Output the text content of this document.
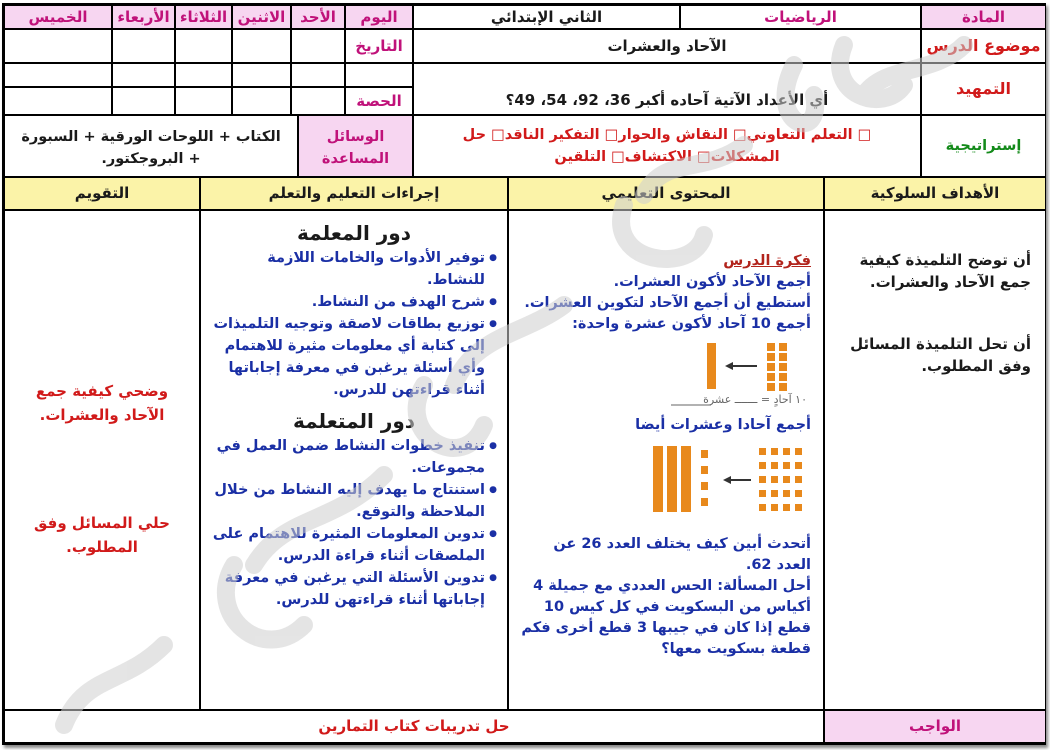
المادة
الرياضيات
الثاني الإبتدائي
اليوم
الأحد
الاثنين
الثلاثاء
الأربعاء
الخميس
موضوع الدرس
الآحاد والعشرات
التاريخ
التمهيد
أي الأعداد الآتية آحاده أكبر 36، 92، 54، 49؟
الحصة
إستراتيجية
□ التعلم التعاوني□ النقاش والحوار□ التفكير الناقد□ حل المشكلات□ الاكتشاف□ التلقين
الوسائل المساعدة
الكتاب + اللوحات الورقية + السبورة + البروجكتور.
الأهداف السلوكية
المحتوى التعليمي
إجراءات التعليم والتعلم
التقويم
أن توضح التلميذة كيفية جمع الآحاد والعشرات.
أن تحل التلميذة المسائل وفق المطلوب.

فكرة الدرس

أجمع الآحاد لأكون العشرات.

أستطيع أن أجمع الآحاد لتكوين العشرات.

أجمع 10 آحاد لأكون عشرة واحدة:

١٠ آحادٍ = ـــــــ عشرة

أجمع آحادا وعشرات أيضا

أتحدث أبين كيف يختلف العدد 26 عن العدد 62.

أحل المسألة: الحس العددي مع جميلة 4 أكياس من البسكويت في كل كيس 10 قطع إذا كان في جيبها 3 قطع أخرى فكم قطعة بسكويت معها؟

دور المعلمة
● توفير الأدوات والخامات اللازمة للنشاط.
● شرح الهدف من النشاط.
● توزيع بطاقات لاصقة وتوجيه التلميذات إلى كتابة أي معلومات مثيرة للاهتمام وأي أسئلة يرغبن في معرفة إجاباتها أثناء قراءتهن للدرس.
دور المتعلمة
● تنفيذ خطوات النشاط ضمن العمل في مجموعات.
● استنتاج ما يهدف إليه النشاط من خلال الملاحظة والتوقع.
● تدوين المعلومات المثيرة للاهتمام على الملصقات أثناء قراءة الدرس.
● تدوين الأسئلة التي يرغبن في معرفة إجاباتها أثناء قراءتهن للدرس.
وضحي كيفية جمع الآحاد والعشرات.
حلي المسائل وفق المطلوب.
الواجب
حل تدريبات كتاب التمارين
